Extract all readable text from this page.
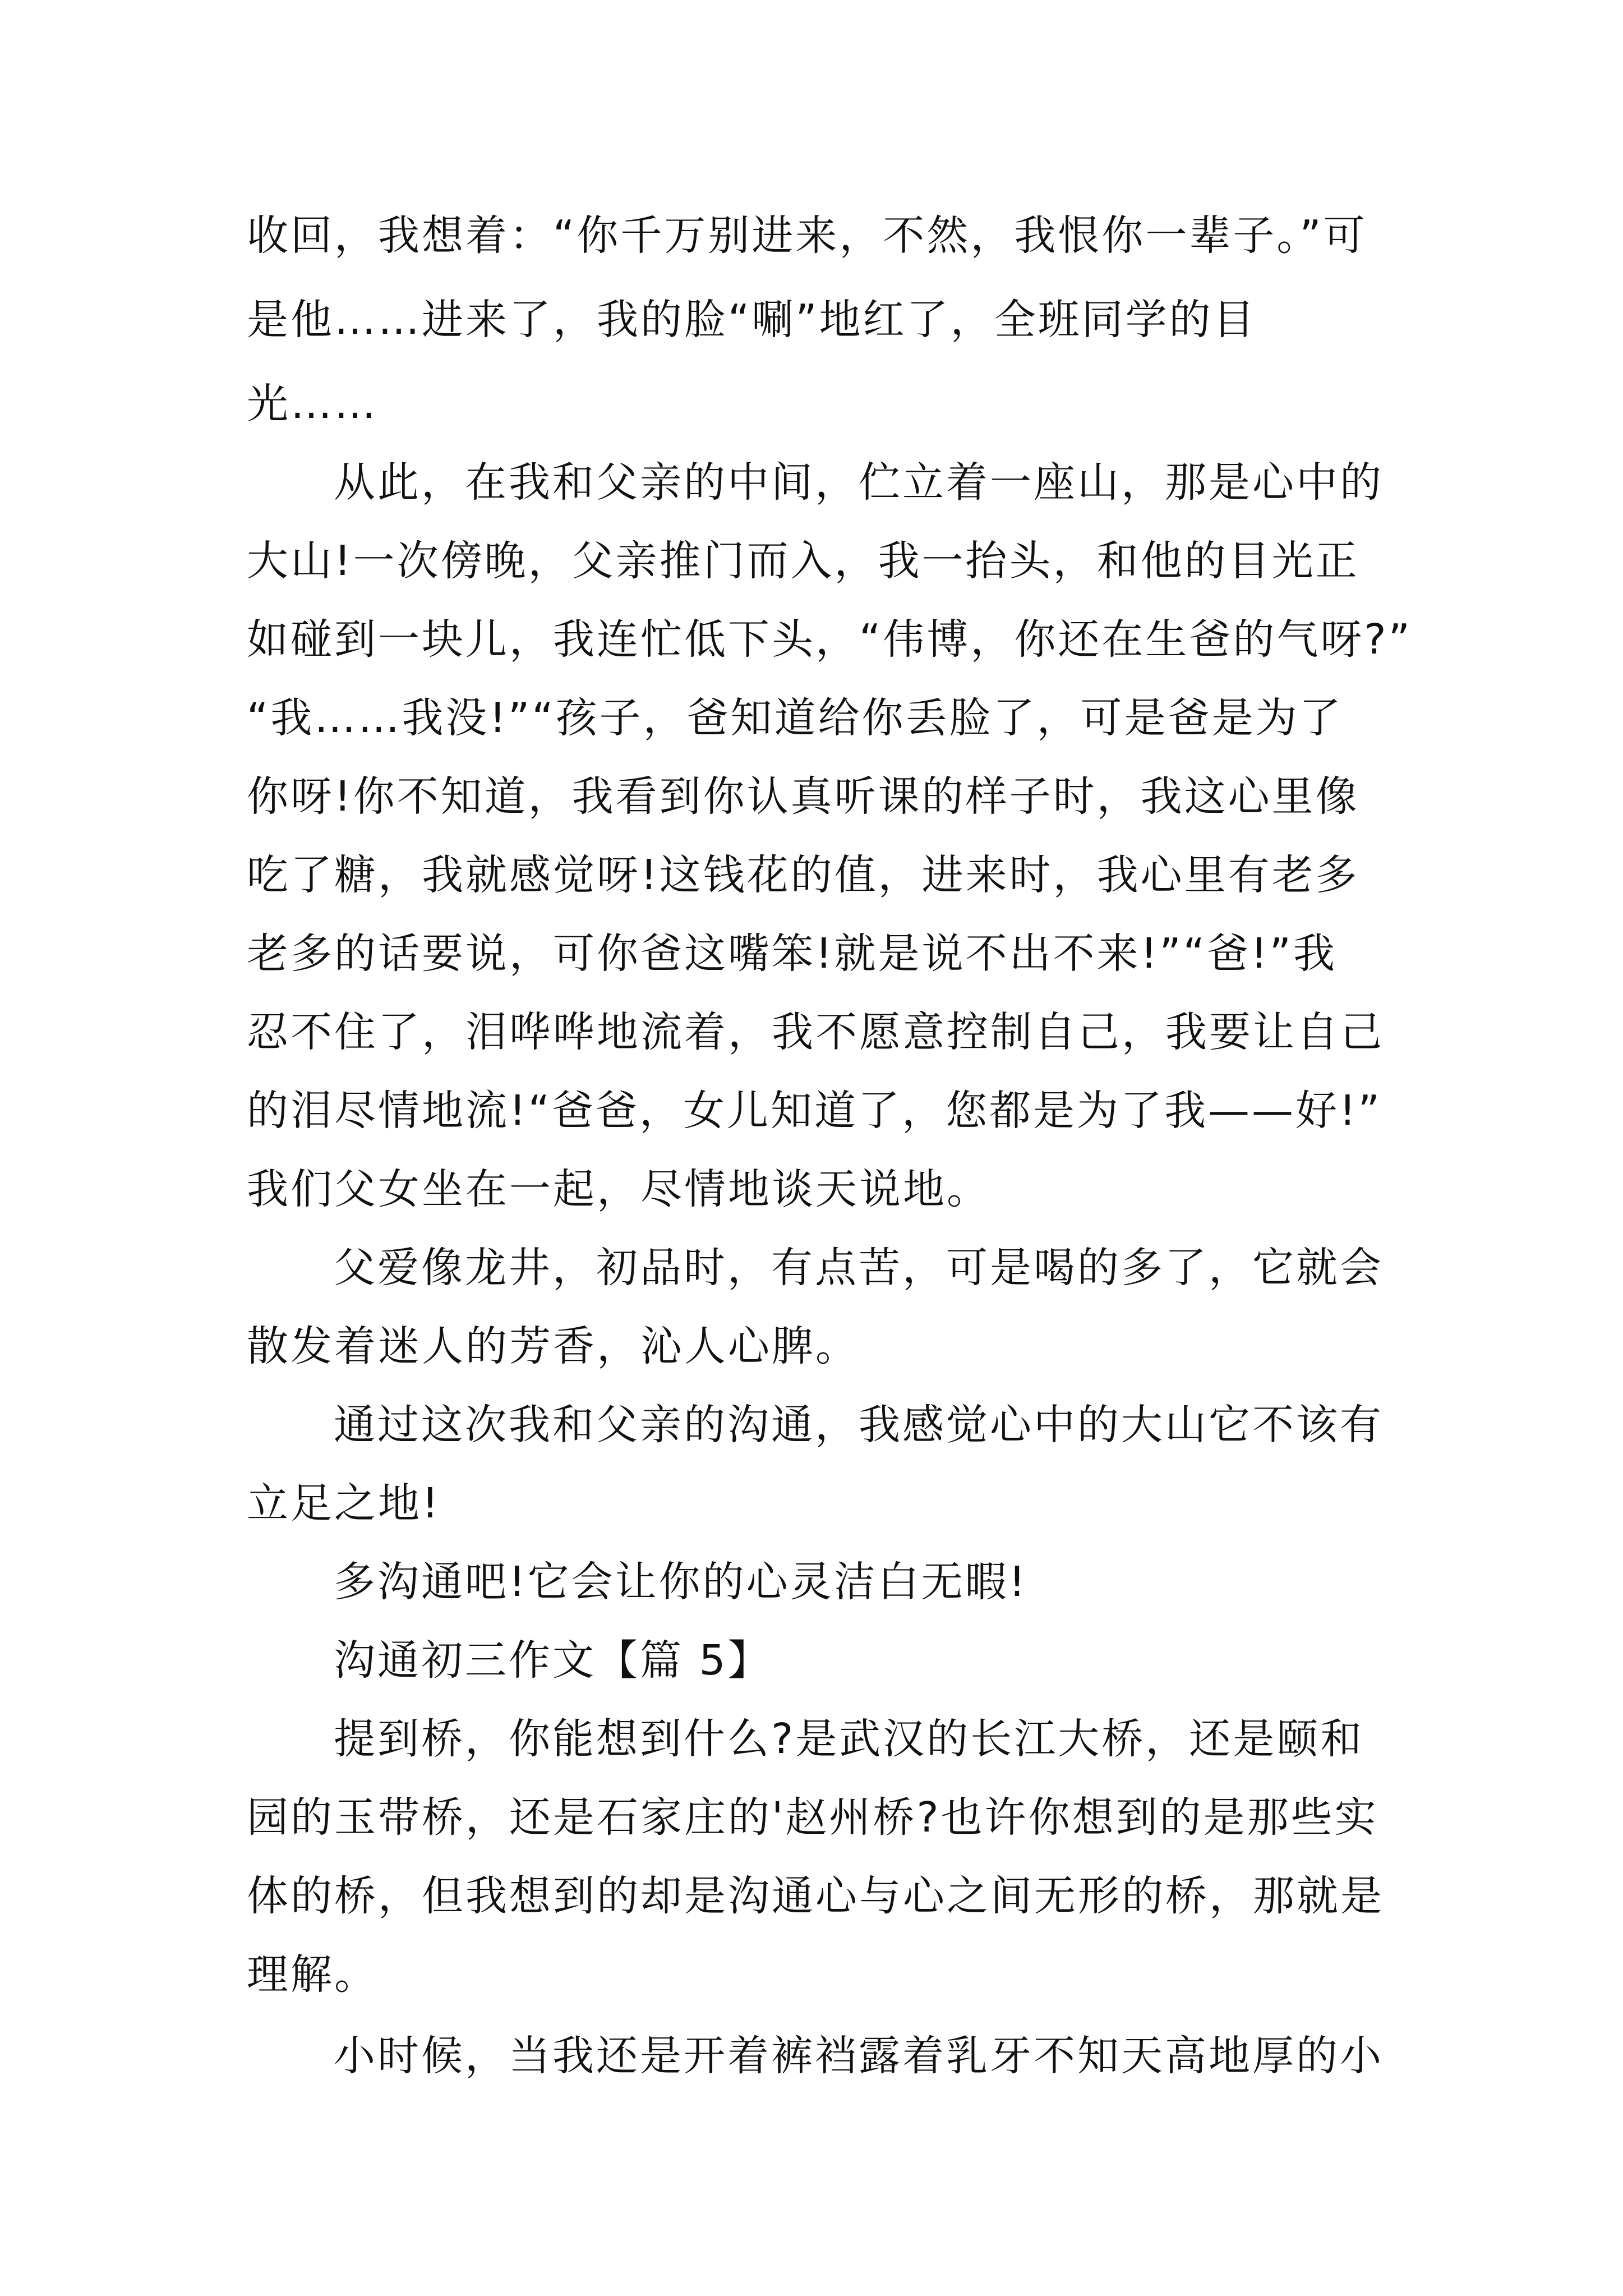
收回，我想着：“你千万别进来，不然，我恨你一辈子。”可
是他……进来了，我的脸“唰”地红了，全班同学的目
光……
从此，在我和父亲的中间，伫立着一座山，那是心中的
大山!一次傍晚，父亲推门而入，我一抬头，和他的目光正
如碰到一块儿，我连忙低下头，“伟博，你还在生爸的气呀?”
“我……我没!”“孩子，爸知道给你丢脸了，可是爸是为了
你呀!你不知道，我看到你认真听课的样子时，我这心里像
吃了糖，我就感觉呀!这钱花的值，进来时，我心里有老多
老多的话要说，可你爸这嘴笨!就是说不出不来!”“爸!”我
忍不住了，泪哗哗地流着，我不愿意控制自己，我要让自己
的泪尽情地流!“爸爸，女儿知道了，您都是为了我——好!”
我们父女坐在一起，尽情地谈天说地。
父爱像龙井，初品时，有点苦，可是喝的多了，它就会
散发着迷人的芳香，沁人心脾。
通过这次我和父亲的沟通，我感觉心中的大山它不该有
立足之地!
多沟通吧!它会让你的心灵洁白无暇!
沟通初三作文【篇 5】
提到桥，你能想到什么?是武汉的长江大桥，还是颐和
园的玉带桥，还是石家庄的'赵州桥?也许你想到的是那些实
体的桥，但我想到的却是沟通心与心之间无形的桥，那就是
理解。
小时候，当我还是开着裤裆露着乳牙不知天高地厚的小
